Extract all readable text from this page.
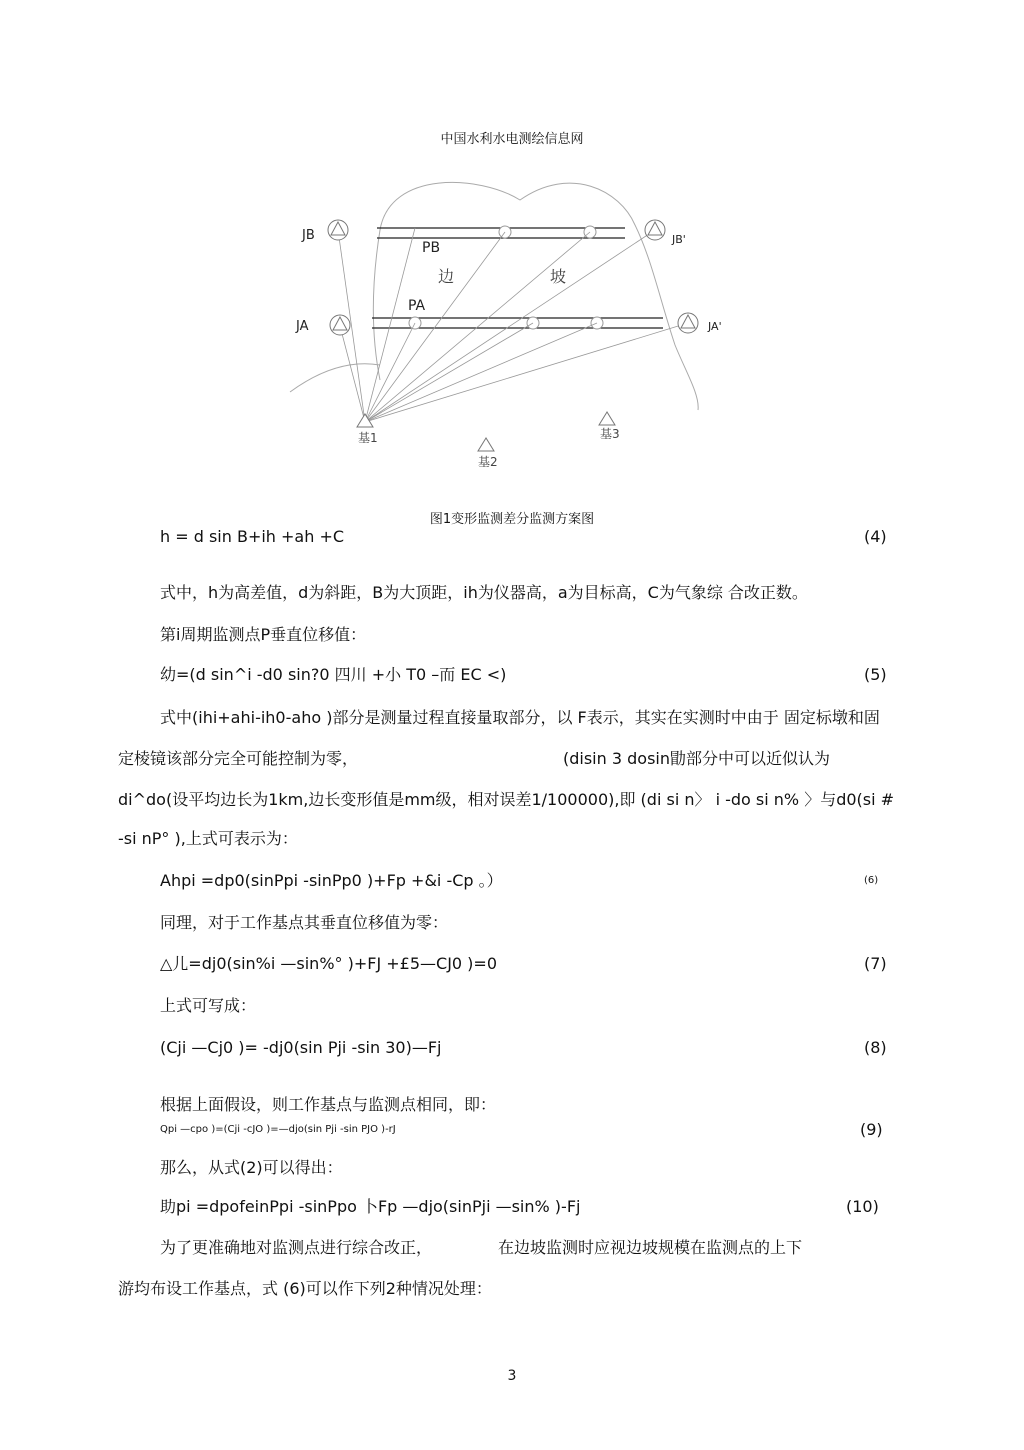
中国水利水电测绘信息网
JB
JA
JB'
JA'
PB
PA
边	坡
基1
基2
基3
图1变形监测差分监测方案图
h = d sin B+ih +ah +C	(4)
式中，h为高差值，d为斜距，B为大顶距，ih为仪器高，a为目标高，C为气象综 合改正数。
第i周期监测点P垂直位移值：
幼=(d sin^i -d0 sin?0 四川 +小 T0 –而 EC <)	(5)
式中(ihi+ahi-ih0-aho )部分是测量过程直接量取部分，以 F表示，其实在实测时中由于 固定标墩和固
定棱镜该部分完全可能控制为零，	(disin 3 dosin勖部分中可以近似认为
di^do(设平均边长为1km,边长变形值是mm级，相对误差1/100000),即 (di si n〉 i -do si n% 〉与d0(si #
-si nP° ),上式可表示为：
Ahpi =dp0(sinPpi -sinPp0 )+Fp +&i -Cp 。）	(6)
同理，对于工作基点其垂直位移值为零：
△儿=dj0(sin%i —sin%° )+FJ +£5—CJ0 )=0	(7)
上式可写成：
(Cji —Cj0 )= -dj0(sin Pji -sin 30)—Fj	(8)
根据上面假设，则工作基点与监测点相同，即：
Qpi —cpo )=(Cji -cJO )=—djo(sin Pji -sin PJO )-rJ	(9)
那么，从式(2)可以得出：
助pi =dpofeinPpi -sinPpo 卜Fp —djo(sinPji —sin% )-Fj	(10)
为了更准确地对监测点进行综合改正，	在边坡监测时应视边坡规模在监测点的上下
游均布设工作基点，式 (6)可以作下列2种情况处理：
3
